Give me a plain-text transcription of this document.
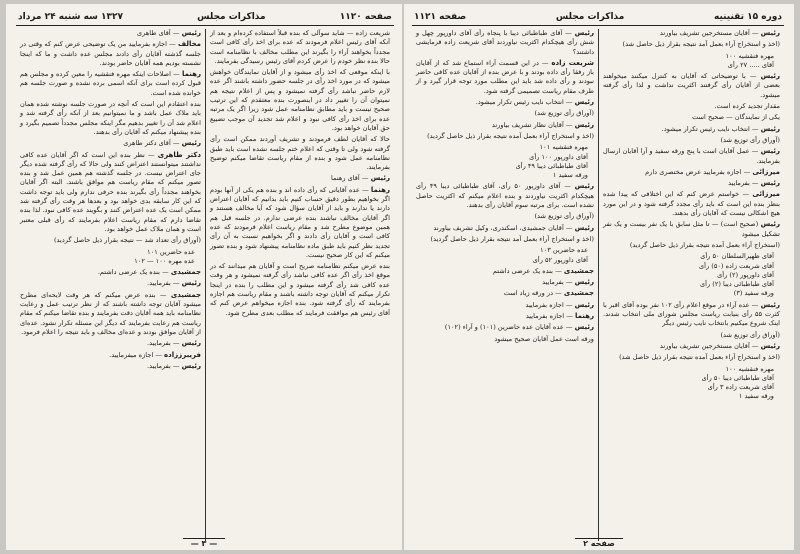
صفحه ۱۱۲۰
مذاکرات مجلس
۱۳۲۷ سه شنبه ۲۴ مرداد

شریعت زاده — شاید سوآلی که بنده قبلاً استفاده کرده‌ام و بعد از آنکه آقای رئیس اعلام فرمودند که عده برای اخذ رأی کافی است مجدداً بخواهند آراء را بگیرند این مطلب مخالف با نظامنامه است حالا بنده نظر خودم را عرض کردم آقای رئیس رسیدگی بفرمایند.

با اینکه موقعی که اخذ رأی میشود و از آقایان نمایندگان خواهش میشود که در مورد اخذ رأی در جلسه حضور داشته باشند اگر عده لازم حاضر نباشد رأی گرفته نمیشود و پس از اعلام نتیجه هم نمیتوان آن را تغییر داد در اینصورت بنده معتقدم که این ترتیب صحیح نیست و باید مطابق نظامنامه عمل شود زیرا اگر یک مرتبه عده برای اخذ رأی کافی نبود و اعلام شد تجدید آن موجب تضییع حق آقایان خواهد بود.

حالا که آقایان لطف فرمودند و تشریف آوردند ممکن است رأی گرفته شود ولی تا وقتی که اعلام ختم جلسه نشده است باید طبق نظامنامه عمل شود و بنده از مقام ریاست تقاضا میکنم توضیح بفرمایند.

رئیس — آقای رهنما

رهنما — عده آقایانی که رأی داده اند و بنده هم یکی از آنها بودم اگر بخواهیم بطور دقیق حساب کنیم باید بدانیم که آقایان اعتراض دارند یا ندارند و باید از آقایان سؤال شود که آیا مخالف هستند و اگر آقایان مخالف نباشند بنده عرضی ندارم. در جلسه قبل هم همین موضوع مطرح شد و مقام ریاست اعلام فرمودند که عده کافی است و آقایان رأی دادند و اگر بخواهیم نسبت به آن رأی تجدید نظر کنیم باید طبق ماده نظامنامه پیشنهاد شود و بنده تصور میکنم که این کار صحیح نیست.

بنده عرض میکنم نظامنامه صریح است و آقایان هم میدانند که در موقع اخذ رأی اگر عده کافی نباشد رأی گرفته نمیشود و هر وقت عده کافی شد رأی گرفته میشود و این مطلب را بنده در اینجا تکرار میکنم که آقایان توجه داشته باشند و مقام ریاست هم اجازه بفرمایند که رأی گرفته شود. بنده اجازه میخواهم عرض کنم که آقای رئیس هم موافقت فرمایند که مطلب بعدی مطرح شود.

رئیس — آقای طاهری

مخالف — اجازه بفرمایید من یک توضیحی عرض کنم که وقتی در جلسه گذشته آقایان رأی دادند مجلس عده داشت و ما که اینجا نشسته بودیم همه آقایان حاضر بودند.

رهنما — اصلاحات اینکه مهره فنقشیه را معین کرده و مجلس هم قبول کرده است برای آنکه اسمی برده نشده و صورت جلسه هم خوانده شده است.

بنده اعتقادم این است که آنچه در صورت جلسه نوشته شده همان باید ملاک عمل باشد و ما نمیتوانیم بعد از آنکه رأی گرفته شد و اعلام شد آن را تغییر بدهیم مگر اینکه مجلس مجدداً تصمیم بگیرد و بنده پیشنهاد میکنم که آقایان رأی بدهند.

رئیس — آقای دکتر طاهری

دکتر طاهری — نظر بنده این است که اگر آقایان عده کافی نداشتند میتوانستند اعتراض کنند ولی حالا که رأی گرفته شده دیگر جای اعتراض نیست. در جلسه گذشته هم همین عمل شد و بنده تصور میکنم که مقام ریاست هم موافق باشند. البته اگر آقایان بخواهند مجدداً رأی بگیرند بنده حرفی ندارم ولی باید توجه داشت که این کار سابقه بدی خواهد بود و بعدها هر وقت رأی گرفته شد ممکن است یک عده اعتراض کنند و بگویند عده کافی نبود. لذا بنده تقاضا دارم که مقام ریاست اعلام بفرمایند که رأی قبلی معتبر است و همان ملاک عمل خواهد بود.

(آوراق رأی تعداد شد — نتیجه بقرار ذیل حاصل گردید)

عده حاضرین ۱۰۱
عده مهره ۱۰۰ — ۱۰۲

جمشیدی — بنده یک عرضی داشتم.

رئیس — بفرمایید.

جمشیدی — بنده عرض میکنم که هر وقت لایحه‌ای مطرح میشود آقایان توجه داشته باشند که از نظر ترتیب عمل و رعایت نظامنامه باید همه آقایان دقت بفرمایند و بنده تقاضا میکنم که مقام ریاست هم رعایت بفرمایند که دیگر این مسئله تکرار نشود. عده‌ای از آقایان موافق بودند و عده‌ای مخالف و باید نتیجه را اعلام فرمود.

رئیس — بفرمایید.

فریبرززاده — اجازه میفرمایید.

رئیس — بفرمایید.

— ۳ —
دوره ۱۵ تقنینیه
مذاکرات مجلس
صفحه ۱۱۲۱

رئیس — آقایان مستخرجین تشریف بیاورند

(اخذ و استخراج آراء بعمل آمد نتیجه بقرار ذیل حاصل شد)

مهره فنقشیه ۱۰۰
آقای ..... ۲۷ رأی

رئیس — با توضیحاتی که آقایان به کنترل میکنند میخواهند بعضی از آقایان رأی گرفتند اکثریت نداشت و لذا رأی گرفته میشود.

مقدار تجدید کرده است.

یکی از نمایندگان — صحیح است

رئیس — انتخاب نایب رئیس تکرار میشود.

(آوراق رأی توزیع شد)

رئیس — عمل آقایان است با پنج ورقه سفید و آرا آقایان ارسال بفرمایند.

میرزائی — اجازه بفرمایید عرض مختصری دارم

رئیس — بفرمایید

میرزائی — خواستم عرض کنم که این اختلافی که پیدا شده بنظر بنده این است که باید رأی مجدد گرفته شود و در این مورد هیچ اشکالی نیست که آقایان رأی بدهند.

رئیس (صحیح است) — تا مثل سابق با یک نفر بیست و یک نفر تشکیل میشود

(استخراج آراء بعمل آمده نتیجه بقرار ذیل حاصل گردید)

آقای ظهیرالسلطان ۵۰ رأی
آقای شریعت زاده (۵۰) رأی
آقای داورپور (۲) رأی
آقای طباطبائی دیبا (۲) رأی
ورقه سفید (۳)

رئیس — عده آراء در موقع اعلام رأی ۱۰۲ نفر بوده آقای اقبر با کثرت ۵۵ رأی بنیابت ریاست مجلس شورای ملی انتخاب شدند. اینک شروع میکنیم بانتخاب نایب رئیس دیگر

(آوراق رأی توزیع شد)

رئیس — آقایان مستخرجین تشریف بیاورند

(اخذ و استخراج آراء بعمل آمده نتیجه بقرار ذیل حاصل شد)

مهره فنقشیه ۱۰۰
آقای طباطبائی دیبا ۵۰ رأی
آقای شریعت زاده ۳ رأی
ورقه سفید ۱

رئیس — آقای طباطبائی دیبا با پنجاه رأی آقای داورپور چهل و شش رأی هیچکدام اکثریت نیاوردند آقای شریعت زاده فرمایشی داشتند؟

شریعت زاده — در این قسمت آراء استماع شد که از آقایان باز رفقا رأی داده بودند و با عرض بنده از آقایان عده کافی حاضر نبودند و رأی داده شد باید این مطلب مورد توجه قرار گیرد و از طرف مقام ریاست تصمیمی گرفته شود.

رئیس — انتخاب نایب رئیس تکرار میشود.

(آوراق رأی توزیع شد)

رئیس — آقایان نظار تشریف بیاورند

(اخذ و استخراج آراء بعمل آمده نتیجه بقرار ذیل حاصل گردید)

مهره فنقشیه ۱۰۱
آقای داورپور ۱۰۰ رأی
آقای طباطبائی دیبا ۴۹ رأی
ورقه سفید ۱

رئیس — آقای داورپور ۵۰ رأی، آقای طباطبائی دیبا ۴۹ رأی هیچکدام اکثریت نیاوردند و بنده اعلام میکنم که اکثریت حاصل نشده است. برای مرتبه سوم آقایان رأی بدهند.

(آوراق رأی توزیع شد)

رئیس — آقایان جمشیدی، اسکندری، وکیل تشریف بیاورند

(اخذ و استخراج آراء بعمل آمد نتیجه بقرار ذیل حاصل گردید)

عده حاضرین ۱۰۳
آقای داورپور ۵۲ رأی

جمشیدی — بنده یک عرضی داشتم

رئیس — بفرمایید

جمشیدی — در ورقه زیاد است

رئیس — اجازه بفرمایید

رهنما — اجازه بفرمایید

رئیس — عده آقایان عده حاضرین (۱۰۱) و آراء (۱۰۲)

ورقه است عمل آقایان صحیح میشود

صفحه ۲
